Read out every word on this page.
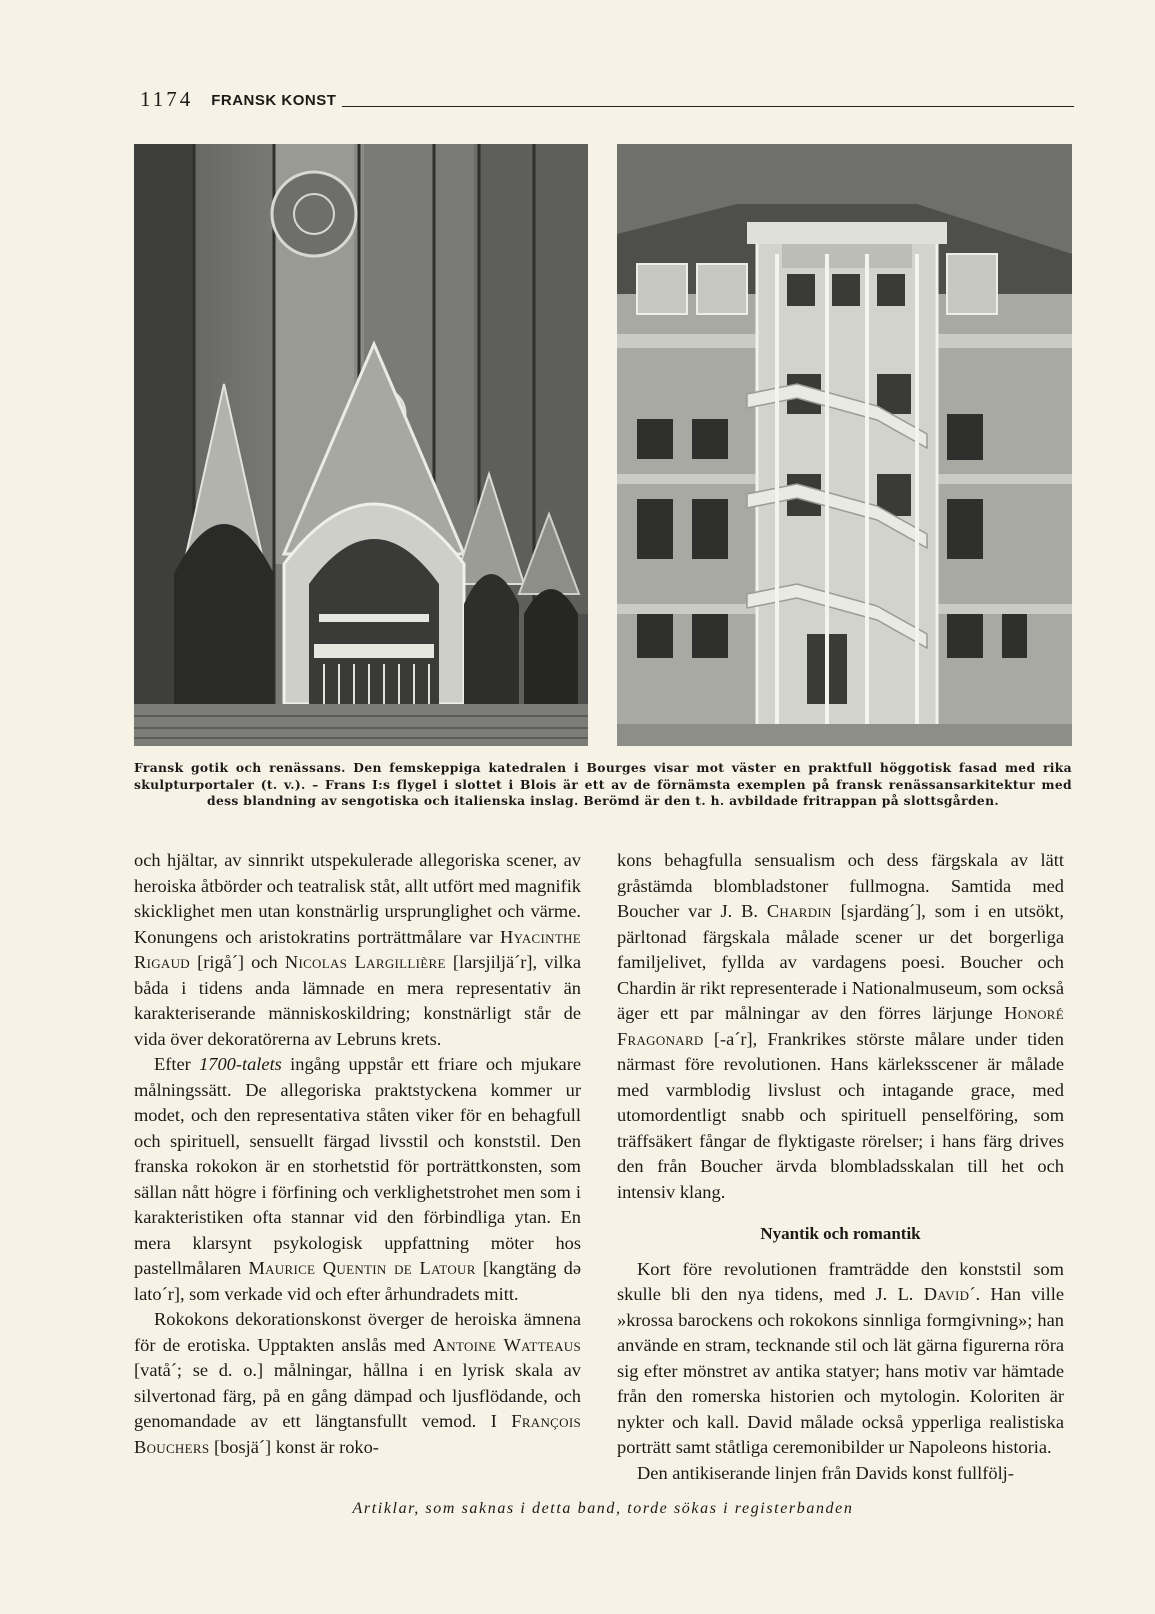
1174 FRANSK KONST
Fransk gotik och renässans. Den femskeppiga katedralen i Bourges visar mot väster en praktfull höggotisk fasad med rika skulpturportaler (t. v.). – Frans I:s flygel i slottet i Blois är ett av de förnämsta exemplen på fransk renässansarkitektur med dess blandning av sengotiska och italienska inslag. Berömd är den t. h. avbildade fritrappan på slottsgården.

och hjältar, av sinnrikt utspekulerade allegoriska scener, av heroiska åtbörder och teatralisk ståt, allt utfört med magnifik skicklighet men utan konstnärlig ursprunglighet och värme. Konungens och aristokratins porträttmålare var Hyacinthe Rigaud [rigå´] och Nicolas Largillière [larsjiljä´r], vilka båda i tidens anda lämnade en mera representativ än karakteriserande människoskildring; konstnärligt står de vida över dekoratörerna av Lebruns krets.

Efter 1700-talets ingång uppstår ett friare och mjukare målningssätt. De allegoriska praktstyckena kommer ur modet, och den representativa ståten viker för en behagfull och spirituell, sensuellt färgad livsstil och konststil. Den franska rokokon är en storhetstid för porträttkonsten, som sällan nått högre i förfining och verklighetstrohet men som i karakteristiken ofta stannar vid den förbindliga ytan. En mera klarsynt psykologisk uppfattning möter hos pastellmålaren Maurice Quentin de Latour [kangtäng də lato´r], som verkade vid och efter århundradets mitt.

Rokokons dekorationskonst överger de heroiska ämnena för de erotiska. Upptakten anslås med Antoine Watteaus [vatå´; se d. o.] målningar, hållna i en lyrisk skala av silvertonad färg, på en gång dämpad och ljusflödande, och genomandade av ett längtansfullt vemod. I François Bouchers [bosjä´] konst är roko-

kons behagfulla sensualism och dess färgskala av lätt gråstämda blombladstoner fullmogna. Samtida med Boucher var J. B. Chardin [sjardäng´], som i en utsökt, pärltonad färgskala målade scener ur det borgerliga familjelivet, fyllda av vardagens poesi. Boucher och Chardin är rikt representerade i Nationalmuseum, som också äger ett par målningar av den förres lärjunge Honoré Fragonard [-a´r], Frankrikes störste målare under tiden närmast före revolutionen. Hans kärleksscener är målade med varmblodig livslust och intagande grace, med utomordentligt snabb och spirituell penselföring, som träffsäkert fångar de flyktigaste rörelser; i hans färg drives den från Boucher ärvda blombladsskalan till het och intensiv klang.

Nyantik och romantik

Kort före revolutionen framträdde den konststil som skulle bli den nya tidens, med J. L. David´. Han ville »krossa barockens och rokokons sinnliga formgivning»; han använde en stram, tecknande stil och lät gärna figurerna röra sig efter mönstret av antika statyer; hans motiv var hämtade från den romerska historien och mytologin. Koloriten är nykter och kall. David målade också ypperliga realistiska porträtt samt ståtliga ceremonibilder ur Napoleons historia.

Den antikiserande linjen från Davids konst fullfölj-

Artiklar, som saknas i detta band, torde sökas i registerbanden
